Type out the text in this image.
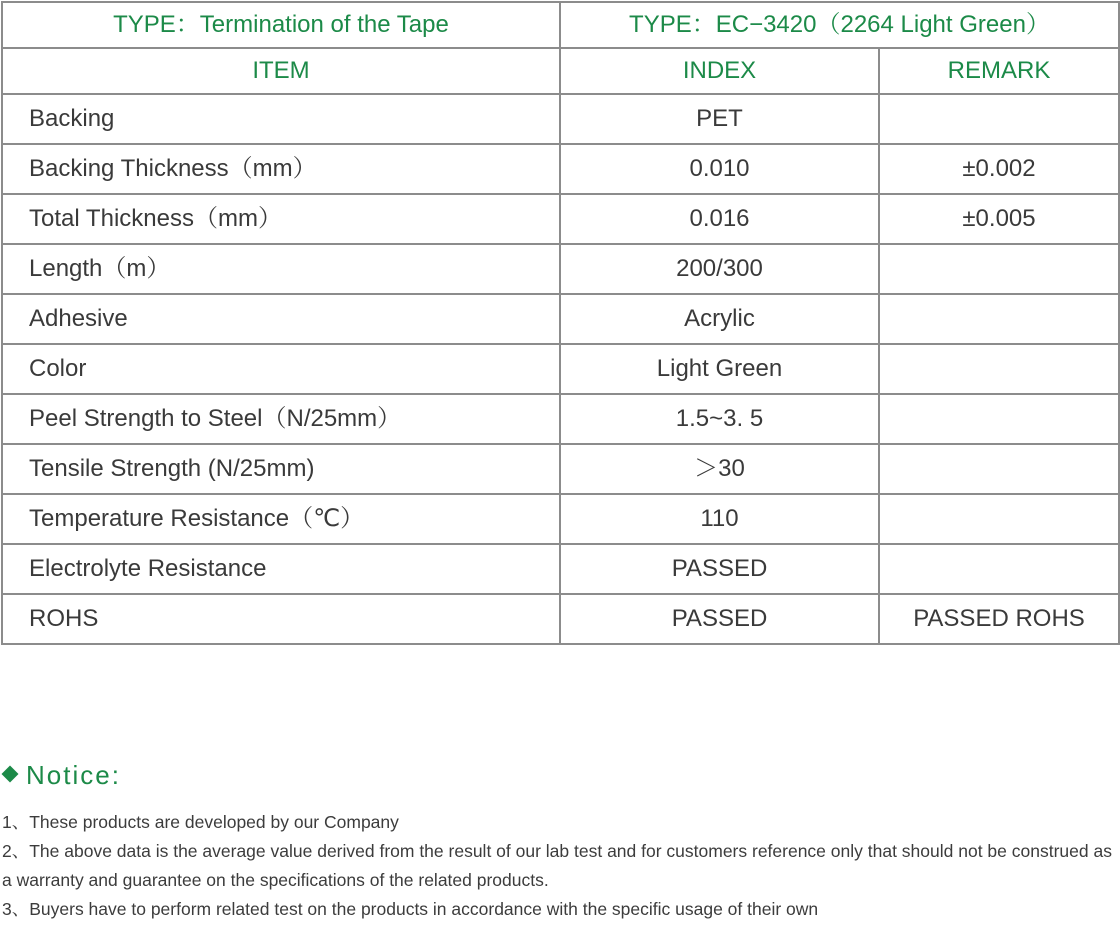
TYPE：Termination of the Tape	TYPE：EC−3420（2264 Light Green）	
ITEM	INDEX	REMARK
Backing	PET	
Backing Thickness（mm）	0.010	±0.002
Total Thickness（mm）	0.016	±0.005
Length（m）	200/300	
Adhesive	Acrylic	
Color	Light Green	
Peel Strength to Steel（N/25mm）	1.5~3. 5	
Tensile Strength (N/25mm)	＞30	
Temperature Resistance（℃）	110	
Electrolyte Resistance	PASSED	
ROHS	PASSED	PASSED ROHS
Notice:

1、These products are developed by our Company

2、The above data is the average value derived from the result of our lab test and for customers reference only that should not be construed as a warranty and guarantee on the specifications of the related products.

3、Buyers have to perform related test on the products in accordance with the specific usage of their own
